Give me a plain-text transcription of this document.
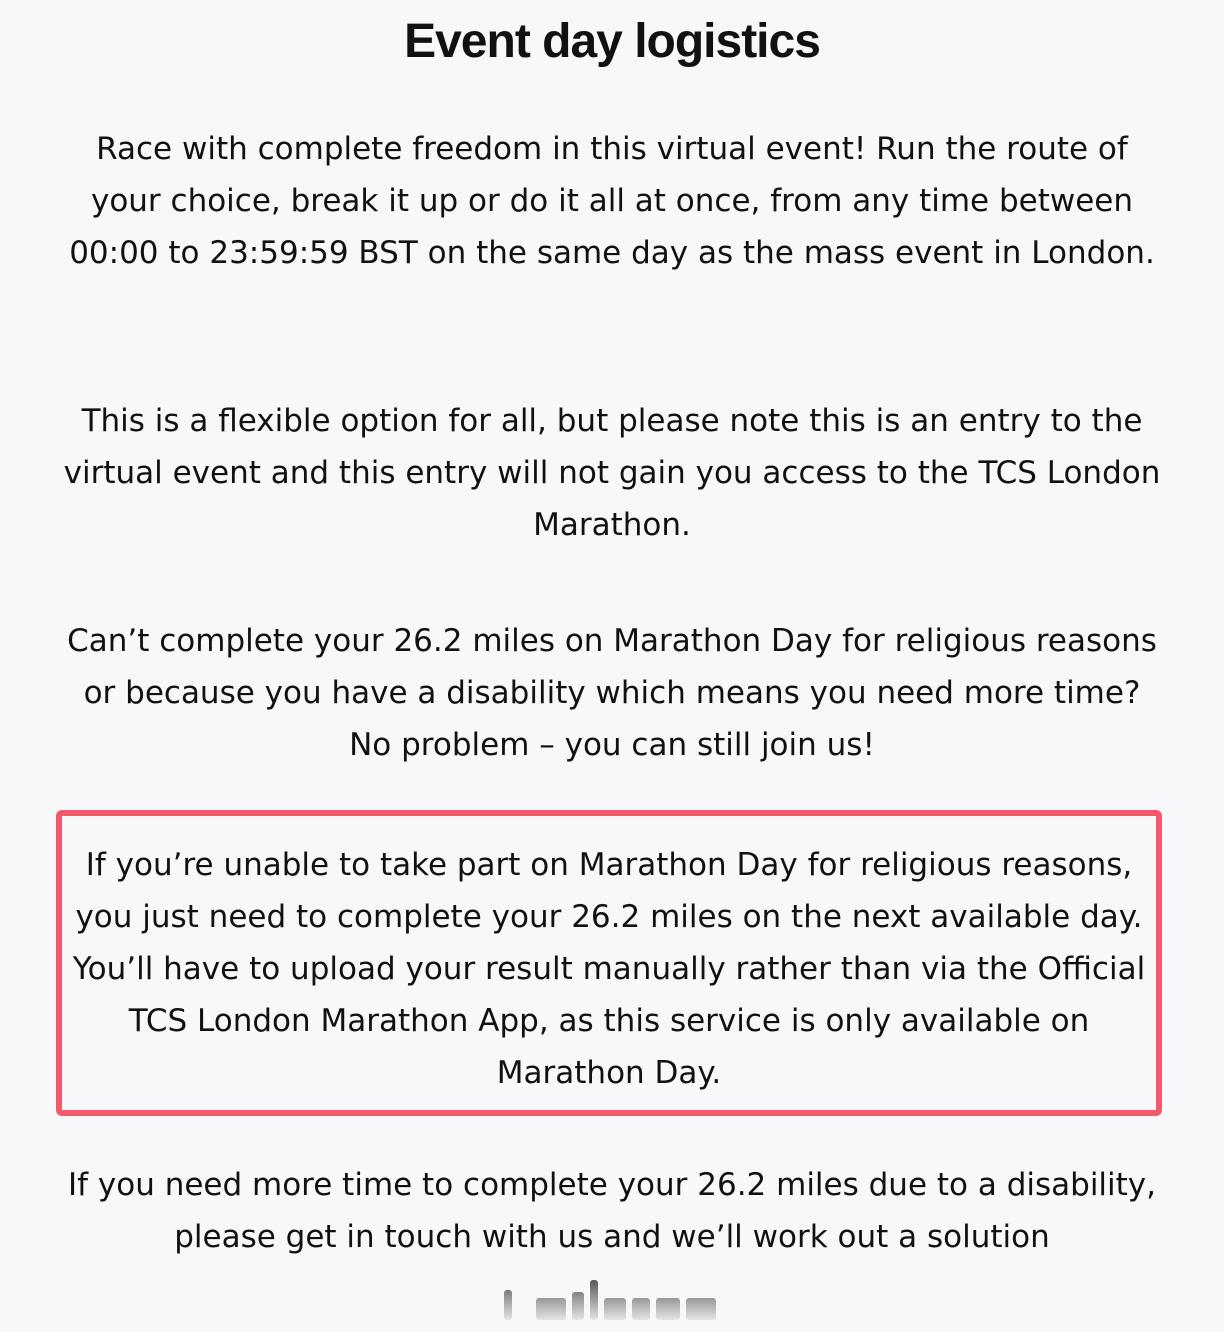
Event day logistics

Race with complete freedom in this virtual event! Run the route of your choice, break it up or do it all at once, from any time between 00:00 to 23:59:59 BST on the same day as the mass event in London.

This is a flexible option for all, but please note this is an entry to the virtual event and this entry will not gain you access to the TCS London Marathon.

Can’t complete your 26.2 miles on Marathon Day for religious reasons or because you have a disability which means you need more time? No problem – you can still join us!

If you’re unable to take part on Marathon Day for religious reasons, you just need to complete your 26.2 miles on the next available day. You’ll have to upload your result manually rather than via the Official TCS London Marathon App, as this service is only available on Marathon Day.

If you need more time to complete your 26.2 miles due to a disability, please get in touch with us and we’ll work out a solution
